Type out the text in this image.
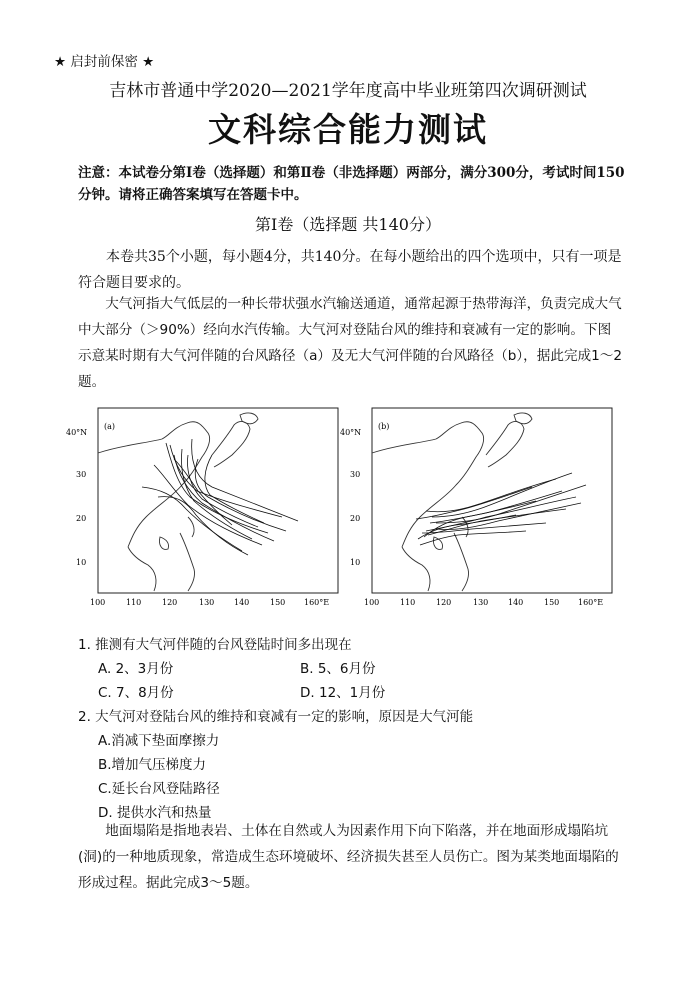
★ 启封前保密 ★
吉林市普通中学2020—2021学年度高中毕业班第四次调研测试
文科综合能力测试
注意：本试卷分第Ⅰ卷（选择题）和第Ⅱ卷（非选择题）两部分，满分300分，考试时间150分钟。请将正确答案填写在答题卡中。
第Ⅰ卷（选择题 共140分）
本卷共35个小题，每小题4分，共140分。在每小题给出的四个选项中，只有一项是符合题目要求的。
大气河指大气低层的一种长带状强水汽输送通道，通常起源于热带海洋，负责完成大气中大部分（＞90%）经向水汽传输。大气河对登陆台风的维持和衰减有一定的影响。下图示意某时期有大气河伴随的台风路径（a）及无大气河伴随的台风路径（b），据此完成1～2题。
(a)
40°N
30
20
10
100	110	120	130 140	150 160°E
(b)
40°N
30
20
10
100	110	120	130 140	150 160°E
1. 推测有大气河伴随的台风登陆时间多出现在
A. 2、3月份	B. 5、6月份
C. 7、8月份	D. 12、1月份
2. 大气河对登陆台风的维持和衰减有一定的影响，原因是大气河能
A.消减下垫面摩擦力
B.增加气压梯度力
C.延长台风登陆路径
D. 提供水汽和热量
地面塌陷是指地表岩、土体在自然或人为因素作用下向下陷落，并在地面形成塌陷坑(洞)的一种地质现象，常造成生态环境破坏、经济损失甚至人员伤亡。图为某类地面塌陷的形成过程。据此完成3～5题。
